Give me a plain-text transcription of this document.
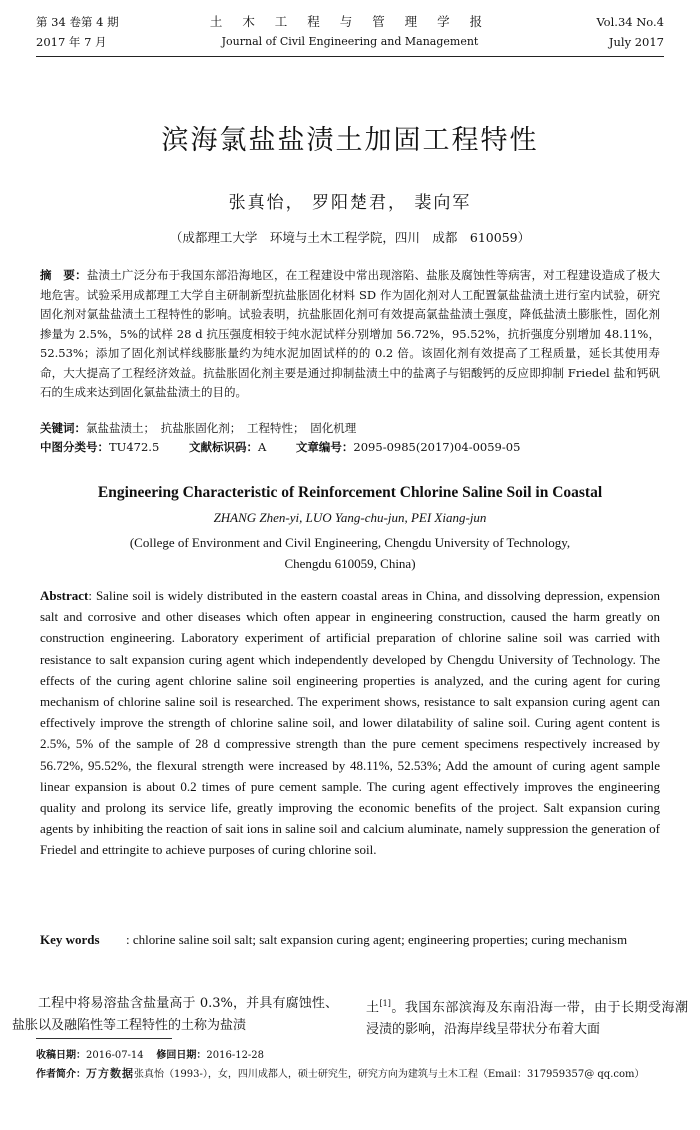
第 34 卷第 4 期
2017 年 7 月
土 木 工 程 与 管 理 学 报
Journal of Civil Engineering and Management
Vol.34 No.4
July 2017
滨海氯盐盐渍土加固工程特性
张真怡， 罗阳楚君， 裴向军
（成都理工大学　环境与土木工程学院，四川　成都　610059）
摘　要：盐渍土广泛分布于我国东部沿海地区，在工程建设中常出现溶陷、盐胀及腐蚀性等病害，对工程建设造成了极大地危害。试验采用成都理工大学自主研制新型抗盐胀固化材料 SD 作为固化剂对人工配置氯盐盐渍土进行室内试验，研究固化剂对氯盐盐渍土工程特性的影响。试验表明，抗盐胀固化剂可有效提高氯盐盐渍土强度，降低盐渍土膨胀性，固化剂掺量为 2.5%，5%的试样 28 d 抗压强度相较于纯水泥试样分别增加 56.72%，95.52%，抗折强度分别增加 48.11%，52.53%；添加了固化剂试样线膨胀量约为纯水泥加固试样的的 0.2 倍。该固化剂有效提高了工程质量，延长其使用寿命，大大提高了工程经济效益。抗盐胀固化剂主要是通过抑制盐渍土中的盐离子与铝酸钙的反应即抑制 Friedel 盐和钙矾石的生成来达到固化氯盐盐渍土的目的。
关键词：氯盐盐渍土；　抗盐胀固化剂；　工程特性；　固化机理
中图分类号：TU472.5	文献标识码：A	文章编号：2095-0985(2017)04-0059-05
Engineering Characteristic of Reinforcement Chlorine Saline Soil in Coastal
ZHANG Zhen-yi, LUO Yang-chu-jun, PEI Xiang-jun
(College of Environment and Civil Engineering, Chengdu University of Technology,
Chengdu 610059, China)
Abstract: Saline soil is widely distributed in the eastern coastal areas in China, and dissolving depression, expension salt and corrosive and other diseases which often appear in engineering construction, caused the harm greatly on construction engineering. Laboratory experiment of artificial preparation of chlorine saline soil was carried with resistance to salt expansion curing agent which independently developed by Chengdu University of Technology. The effects of the curing agent chlorine saline soil engineering properties is analyzed, and the curing agent for curing mechanism of chlorine saline soil is researched. The experiment shows, resistance to salt expansion curing agent can effectively improve the strength of chlorine saline soil, and lower dilatability of saline soil. Curing agent content is 2.5%, 5% of the sample of 28 d compressive strength than the pure cement specimens respectively increased by 56.72%, 95.52%, the flexural strength were increased by 48.11%, 52.53%; Add the amount of curing agent sample linear expansion is about 0.2 times of pure cement sample. The curing agent effectively improves the engineering quality and prolong its service life, greatly improving the economic benefits of the project. Salt expansion curing agents by inhibiting the reaction of sait ions in saline soil and calcium aluminate, namely suppression the generation of Friedel and ettringite to achieve purposes of curing chlorine soil.
Key words	: chlorine saline soil salt; salt expansion curing agent; engineering properties; curing mechanism
工程中将易溶盐含盐量高于 0.3%，并具有腐蚀性、盐胀以及融陷性等工程特性的土称为盐渍
土[1]。我国东部滨海及东南沿海一带，由于长期受海潮浸渍的影响，沿海岸线呈带状分布着大面
收稿日期：2016-07-14 修回日期：2016-12-28
作者简介：万方数据张真怡（1993-），女，四川成都人，硕士研究生，研究方向为建筑与土木工程（Email：317959357@ qq.com）
